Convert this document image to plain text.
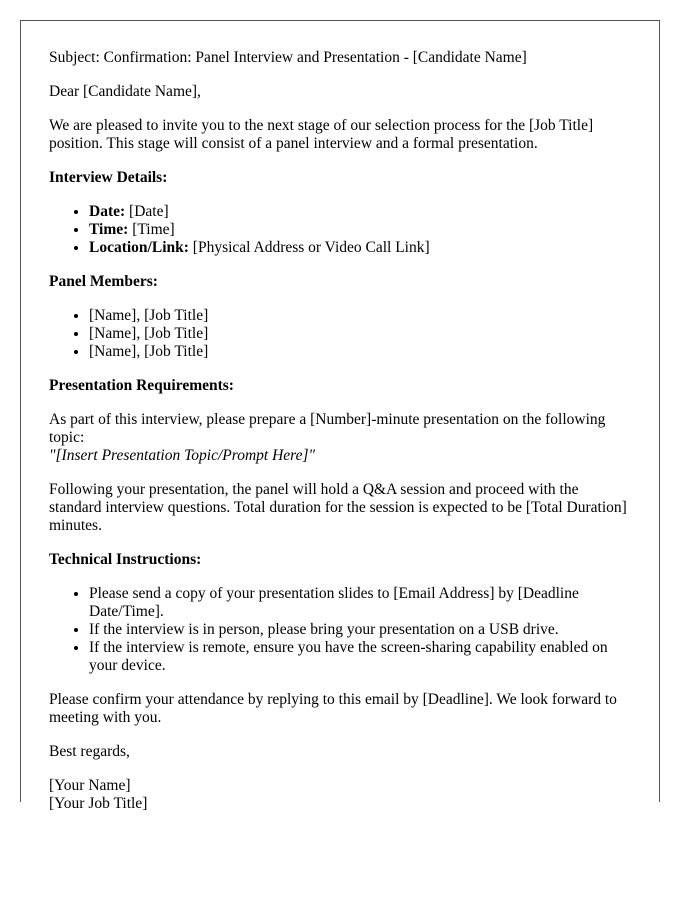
Subject: Confirmation: Panel Interview and Presentation - [Candidate Name]

Dear [Candidate Name],

We are pleased to invite you to the next stage of our selection process for the [Job Title] position. This stage will consist of a panel interview and a formal presentation.

Interview Details:
• Date: [Date]
• Time: [Time]
• Location/Link: [Physical Address or Video Call Link]
Panel Members:
• [Name], [Job Title]
• [Name], [Job Title]
• [Name], [Job Title]
Presentation Requirements:

As part of this interview, please prepare a [Number]-minute presentation on the following topic:
"[Insert Presentation Topic/Prompt Here]"

Following your presentation, the panel will hold a Q&A session and proceed with the standard interview questions. Total duration for the session is expected to be [Total Duration] minutes.

Technical Instructions:
• Please send a copy of your presentation slides to [Email Address] by [Deadline Date/Time].
• If the interview is in person, please bring your presentation on a USB drive.
• If the interview is remote, ensure you have the screen-sharing capability enabled on your device.

Please confirm your attendance by replying to this email by [Deadline]. We look forward to meeting with you.

Best regards,

[Your Name]
[Your Job Title]
